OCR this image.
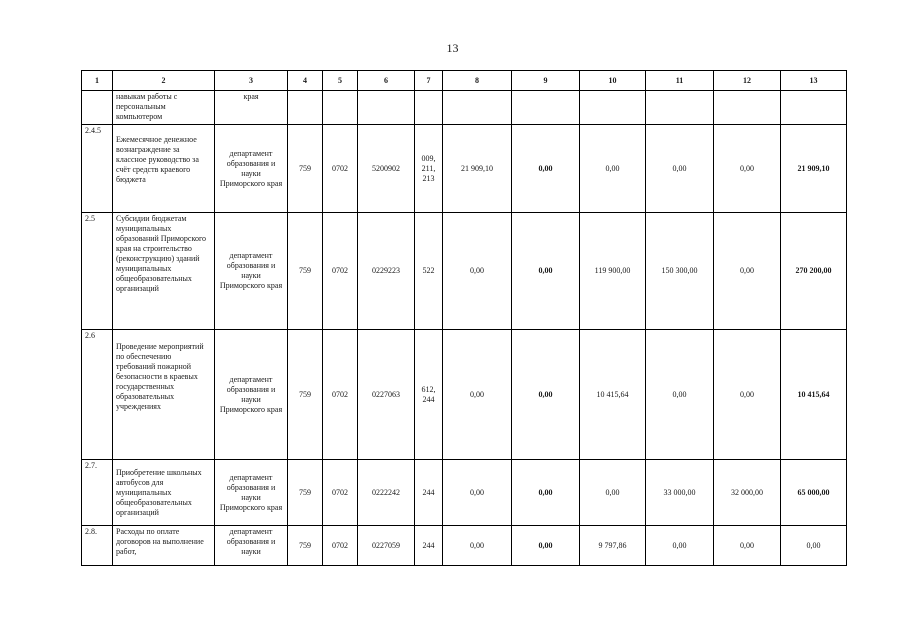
13
1	2	3	4	5	6	7	8	9	10	11	12	13
	навыкам работы с персональным компьютером	края										
2.4.5	Ежемесячное денежное вознаграждение за классное руководство за счёт средств краевого бюджета	департамент образования и науки Приморского края	759	0702	5200902	009, 211, 213	21 909,10	0,00	0,00	0,00	0,00	21 909,10
2.5	Субсидии бюджетам муниципальных образований Приморского края на строительство (реконструкцию) зданий муниципальных общеобразовательных организаций	департамент образования и науки Приморского края	759	0702	0229223	522	0,00	0,00	119 900,00	150 300,00	0,00	270 200,00
2.6	Проведение мероприятий по обеспечению требований пожарной безопасности в краевых государственных образовательных учреждениях	департамент образования и науки Приморского края	759	0702	0227063	612, 244	0,00	0,00	10 415,64	0,00	0,00	10 415,64
2.7.	Приобретение школьных автобусов для муниципальных общеобразовательных организаций	департамент образования и науки Приморского края	759	0702	0222242	244	0,00	0,00	0,00	33 000,00	32 000,00	65 000,00
2.8.	Расходы по оплате договоров на выполнение работ,	департамент образования и науки	759	0702	0227059	244	0,00	0,00	9 797,86	0,00	0,00	0,00
